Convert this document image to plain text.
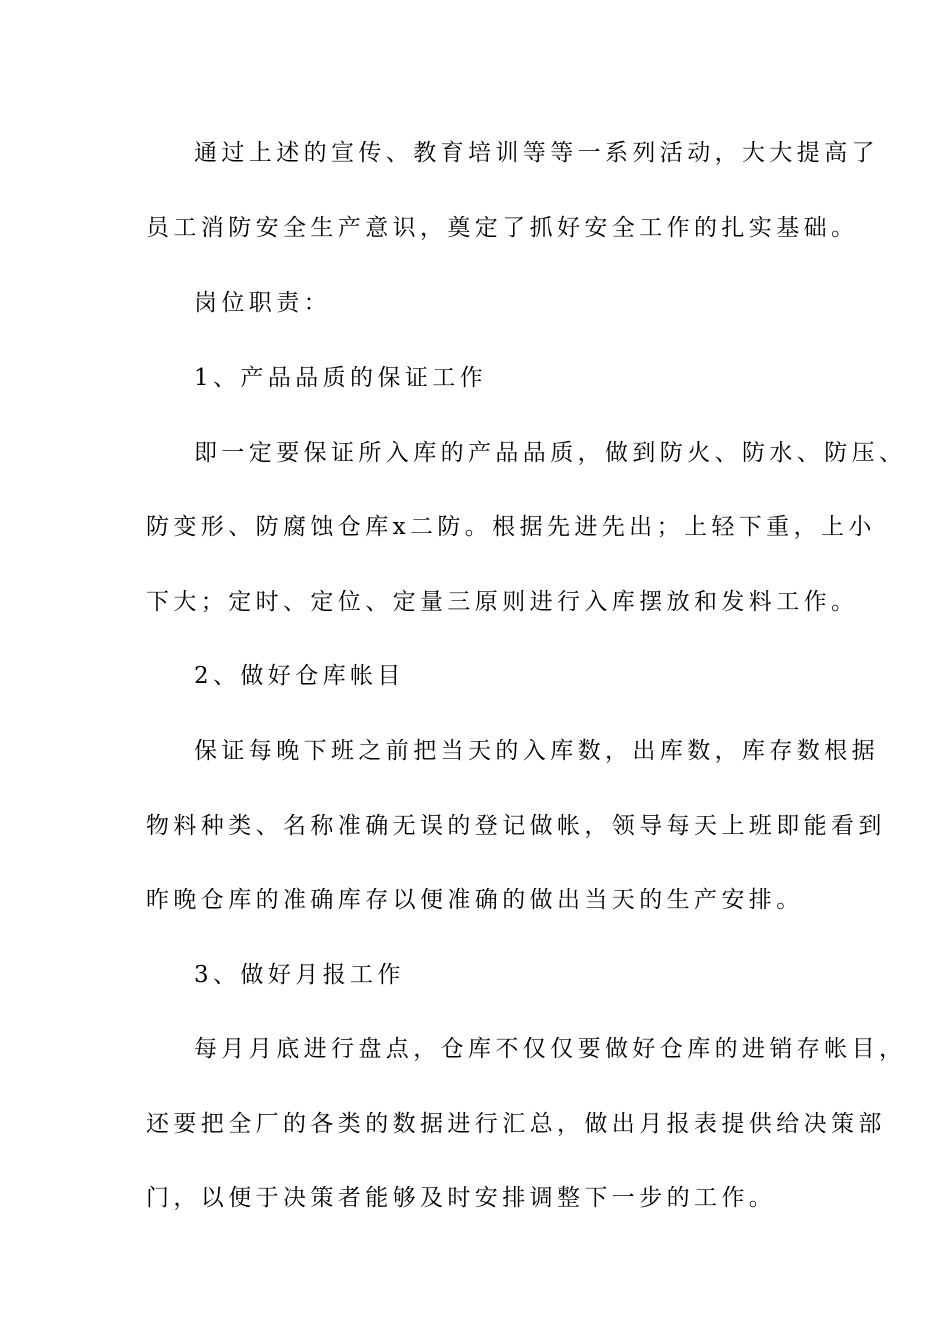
通过上述的宣传、教育培训等等一系列活动，大大提高了
员工消防安全生产意识，奠定了抓好安全工作的扎实基础。
岗位职责：
1、产品品质的保证工作
即一定要保证所入库的产品品质，做到防火、防水、防压、
防变形、防腐蚀仓库x二防。根据先进先出；上轻下重，上小
下大；定时、定位、定量三原则进行入库摆放和发料工作。
2、做好仓库帐目
保证每晚下班之前把当天的入库数，出库数，库存数根据
物料种类、名称准确无误的登记做帐，领导每天上班即能看到
昨晚仓库的准确库存以便准确的做出当天的生产安排。
3、做好月报工作
每月月底进行盘点，仓库不仅仅要做好仓库的进销存帐目，
还要把全厂的各类的数据进行汇总，做出月报表提供给决策部
门，以便于决策者能够及时安排调整下一步的工作。
